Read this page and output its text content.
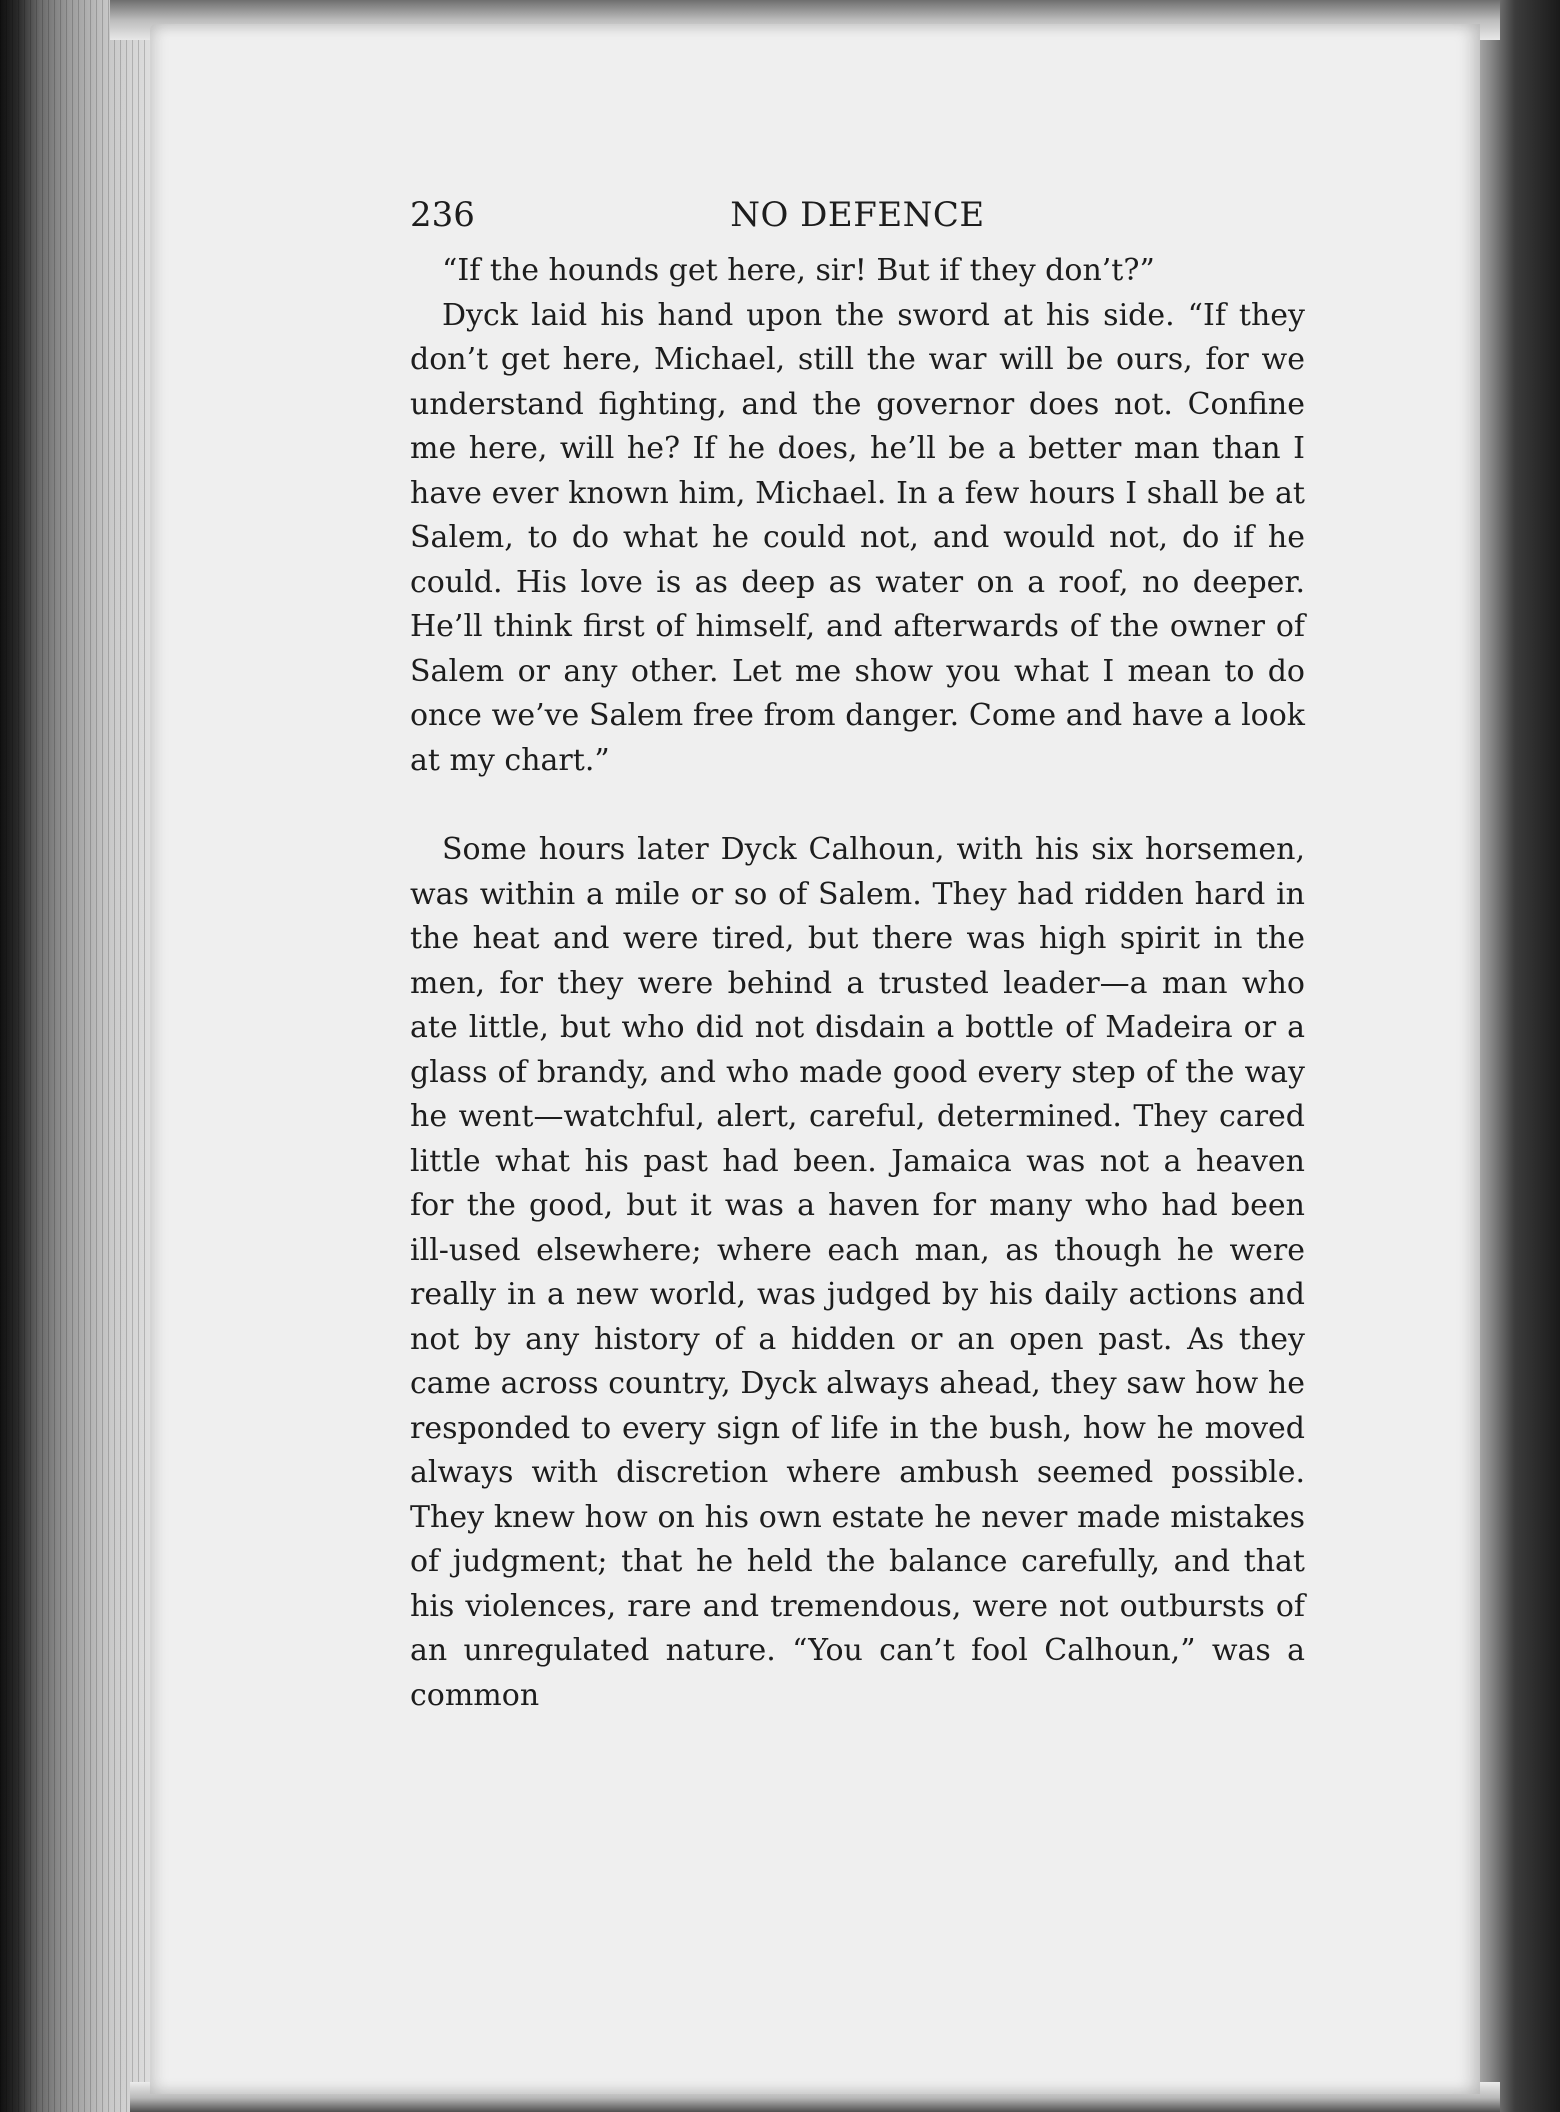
236	NO DEFENCE

“If the hounds get here, sir! But if they don’t?”

Dyck laid his hand upon the sword at his side. “If they don’t get here, Michael, still the war will be ours, for we understand fighting, and the governor does not. Confine me here, will he? If he does, he’ll be a better man than I have ever known him, Michael. In a few hours I shall be at Salem, to do what he could not, and would not, do if he could. His love is as deep as water on a roof, no deeper. He’ll think first of himself, and afterwards of the owner of Salem or any other. Let me show you what I mean to do once we’ve Salem free from danger. Come and have a look at my chart.”

Some hours later Dyck Calhoun, with his six horsemen, was within a mile or so of Salem. They had ridden hard in the heat and were tired, but there was high spirit in the men, for they were behind a trusted leader—a man who ate little, but who did not disdain a bottle of Madeira or a glass of brandy, and who made good every step of the way he went—watchful, alert, careful, determined. They cared little what his past had been. Jamaica was not a heaven for the good, but it was a haven for many who had been ill-used elsewhere; where each man, as though he were really in a new world, was judged by his daily actions and not by any history of a hidden or an open past. As they came across country, Dyck always ahead, they saw how he responded to every sign of life in the bush, how he moved always with discretion where ambush seemed possible. They knew how on his own estate he never made mistakes of judgment; that he held the balance carefully, and that his violences, rare and tremendous, were not outbursts of an unregulated nature. “You can’t fool Calhoun,” was a common
